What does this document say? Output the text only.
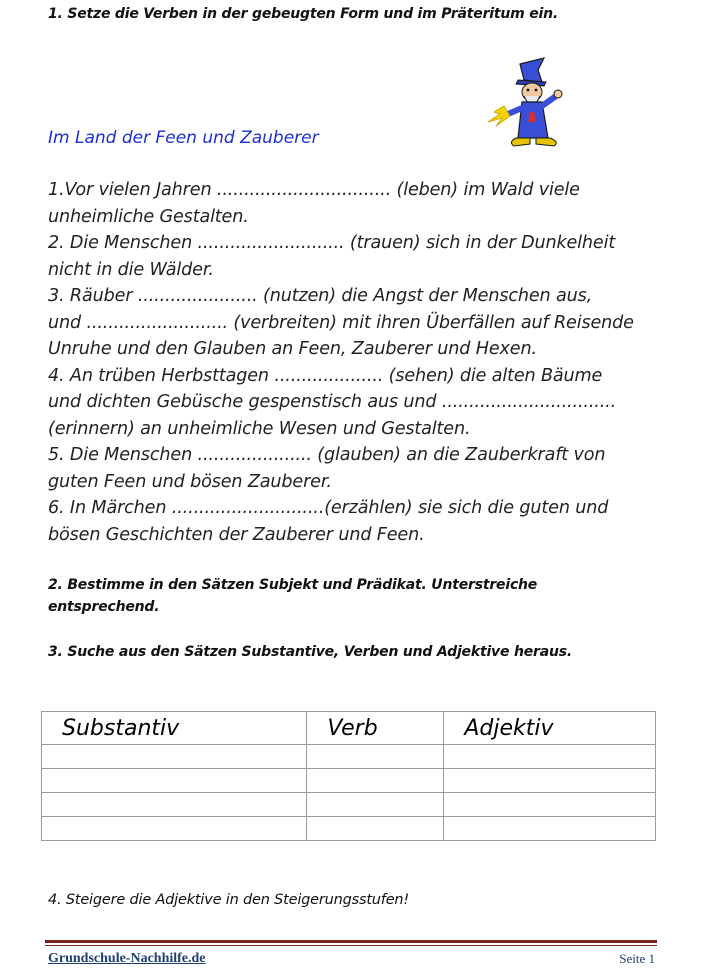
1. Setze die Verben in der gebeugten Form und im Präteritum ein.
Im Land der Feen und Zauberer
1.Vor vielen Jahren ................................ (leben) im Wald viele
unheimliche Gestalten.
2. Die Menschen ........................... (trauen) sich in der Dunkelheit
nicht in die Wälder.
3. Räuber ...................... (nutzen) die Angst der Menschen aus,
und .......................... (verbreiten) mit ihren Überfällen auf Reisende
Unruhe und den Glauben an Feen, Zauberer und Hexen.
4. An trüben Herbsttagen .................... (sehen) die alten Bäume
und dichten Gebüsche gespenstisch aus und ................................
(erinnern) an unheimliche Wesen und Gestalten.
5. Die Menschen ..................... (glauben) an die Zauberkraft von
guten Feen und bösen Zauberer.
6. In Märchen ............................(erzählen) sie sich die guten und
bösen Geschichten der Zauberer und Feen.
2. Bestimme in den Sätzen Subjekt und Prädikat. Unterstreiche entsprechend.
3. Suche aus den Sätzen Substantive, Verben und Adjektive heraus.
Substantiv	Verb	Adjektiv

4. Steigere die Adjektive in den Steigerungsstufen!
Grundschule-Nachhilfe.de	Seite 1
